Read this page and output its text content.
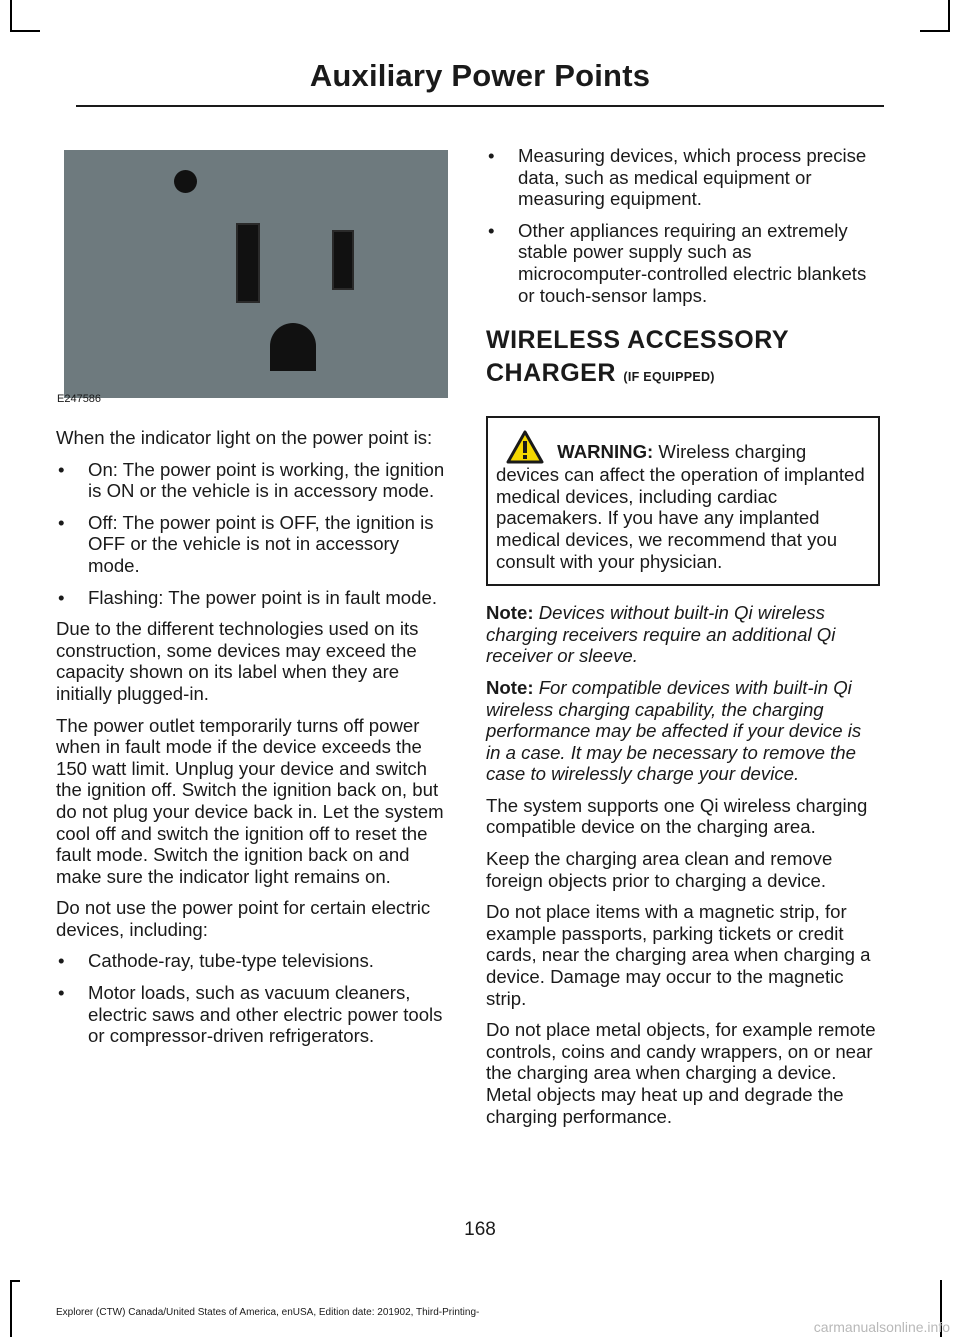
Auxiliary Power Points
E247586

When the indicator light on the power point is:

• On: The power point is working, the ignition is ON or the vehicle is in accessory mode.
• Off: The power point is OFF, the ignition is OFF or the vehicle is not in accessory mode.
• Flashing: The power point is in fault mode.

Due to the different technologies used on its construction, some devices may exceed the capacity shown on its label when they are initially plugged-in.

The power outlet temporarily turns off power when in fault mode if the device exceeds the 150 watt limit. Unplug your device and switch the ignition off. Switch the ignition back on, but do not plug your device back in. Let the system cool off and switch the ignition off to reset the fault mode. Switch the ignition back on and make sure the indicator light remains on.

Do not use the power point for certain electric devices, including:

• Cathode-ray, tube-type televisions.
• Motor loads, such as vacuum cleaners, electric saws and other electric power tools or compressor-driven refrigerators.
• Measuring devices, which process precise data, such as medical equipment or measuring equipment.
• Other appliances requiring an extremely stable power supply such as microcomputer-controlled electric blankets or touch-sensor lamps.
WIRELESS ACCESSORY CHARGER (IF EQUIPPED)
WARNING: Wireless charging devices can affect the operation of implanted medical devices, including cardiac pacemakers. If you have any implanted medical devices, we recommend that you consult with your physician.

Note: Devices without built-in Qi wireless charging receivers require an additional Qi receiver or sleeve.

Note: For compatible devices with built-in Qi wireless charging capability, the charging performance may be affected if your device is in a case. It may be necessary to remove the case to wirelessly charge your device.

The system supports one Qi wireless charging compatible device on the charging area.

Keep the charging area clean and remove foreign objects prior to charging a device.

Do not place items with a magnetic strip, for example passports, parking tickets or credit cards, near the charging area when charging a device. Damage may occur to the magnetic strip.

Do not place metal objects, for example remote controls, coins and candy wrappers, on or near the charging area when charging a device. Metal objects may heat up and degrade the charging performance.

168
Explorer (CTW) Canada/United States of America, enUSA, Edition date: 201902, Third-Printing-
carmanualsonline.info
